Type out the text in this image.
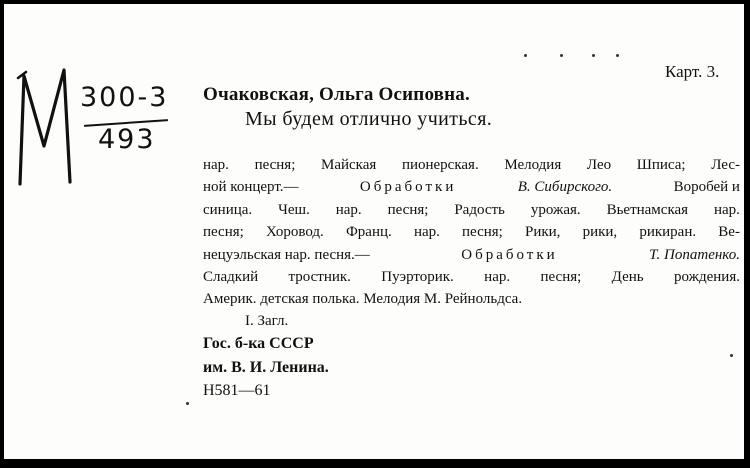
300-3
493
Карт. 3.
Очаковская, Ольга Осиповна.
Мы будем отлично учиться.
нар. песня; Майская пионерская. Мелодия Лео Шписа; Лес-
ной концерт.—	Обработки	В. Сибирского.	Воробей и
синица. Чеш. нар. песня; Радость урожая. Вьетнамская нар.
песня; Хоровод. Франц. нар. песня; Рики, рики, рикиран. Ве-
нецуэльская нар. песня.—	Обработки	Т. Попатенко.
Сладкий тростник. Пуэрторик. нар. песня; День рождения.
Америк. детская полька. Мелодия М. Рейнольдса.
I. Загл.
Гос. б-ка СССР
им. В. И. Ленина.
Н581—61
